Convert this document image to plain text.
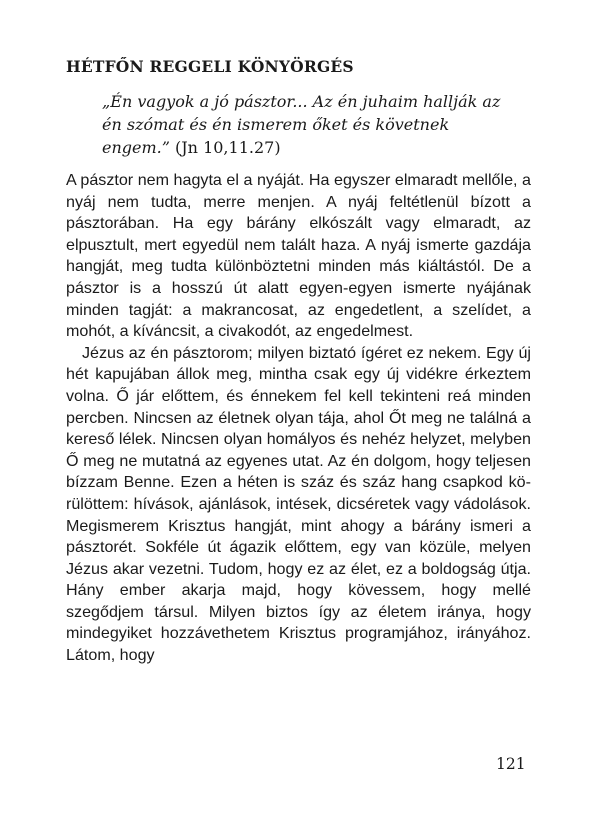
HÉTFŐN REGGELI KÖNYÖRGÉS
„Én vagyok a jó pásztor... Az én juhaim hallják az én szómat és én ismerem őket és követnek engem.” (Jn 10,11.27)

A pásztor nem hagyta el a nyáját. Ha egyszer elmaradt mellőle, a nyáj nem tudta, merre menjen. A nyáj feltétlenül bízott a pásztorában. Ha egy bárány elkószált vagy elmaradt, az elpusztult, mert egyedül nem talált haza. A nyáj ismerte gazdája hangját, meg tudta különböztetni minden más kiáltástól. De a pásztor is a hosszú út alatt egyen-egyen ismerte nyájának minden tagját: a makrancosat, az engedetlent, a szelídet, a mohót, a kíváncsit, a civakodót, az engedelmest.

Jézus az én pásztorom; milyen biztató ígéret ez nekem. Egy új hét kapujában állok meg, mintha csak egy új vidékre érkeztem volna. Ő jár előttem, és énnekem fel kell tekinteni reá minden percben. Nincsen az életnek olyan tája, ahol Őt meg ne találná a kereső lélek. Nincsen olyan homályos és nehéz helyzet, melyben Ő meg ne mutatná az egyenes utat. Az én dolgom, hogy teljesen bízzam Benne. Ezen a héten is száz és száz hang csapkod körülöttem: hívások, ajánlások, intések, dicséretek vagy vádolások. Megismerem Krisztus hangját, mint ahogy a bárány ismeri a pásztorét. Sokféle út ágazik előttem, egy van közüle, melyen Jézus akar vezetni. Tudom, hogy ez az élet, ez a boldogság útja. Hány ember akarja majd, hogy kövessem, hogy mellé szegődjem társul. Milyen biztos így az életem iránya, hogy mindegyiket hozzávethetem Krisztus programjához, irányához. Látom, hogy

121
